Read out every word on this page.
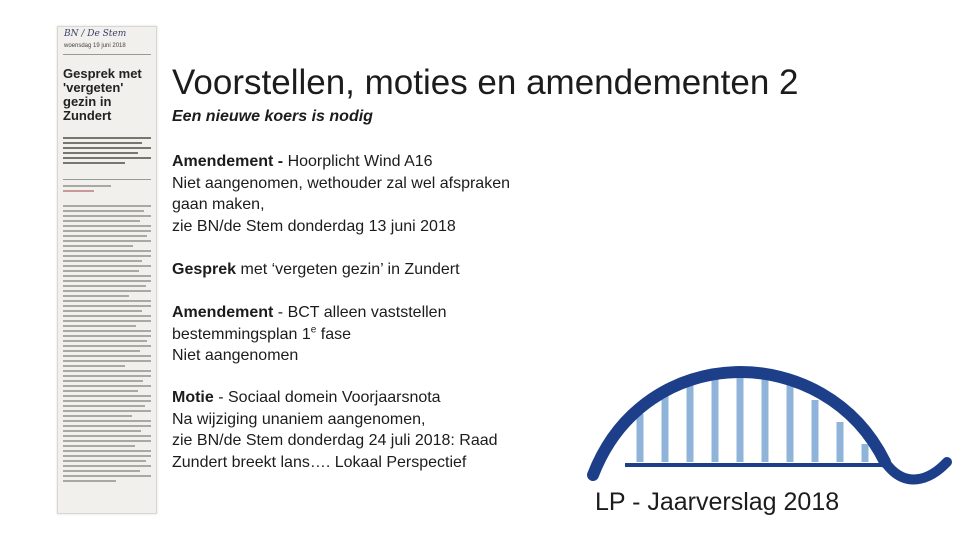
BN / De Stem
woensdag 19 juni 2018
Gesprek met 'vergeten' gezin in Zundert
Voorstellen, moties en amendementen 2
Een nieuwe koers is nodig
Amendement - Hoorplicht Wind A16
Niet aangenomen, wethouder zal wel afspraken
gaan maken,
zie BN/de Stem donderdag 13 juni 2018
Gesprek met ‘vergeten gezin’ in Zundert
Amendement - BCT alleen vaststellen
bestemmingsplan 1e fase
Niet aangenomen
Motie - Sociaal domein Voorjaarsnota
Na wijziging unaniem aangenomen,
zie BN/de Stem donderdag 24 juli 2018: Raad
Zundert breekt lans…. Lokaal Perspectief
LP - Jaarverslag 2018
